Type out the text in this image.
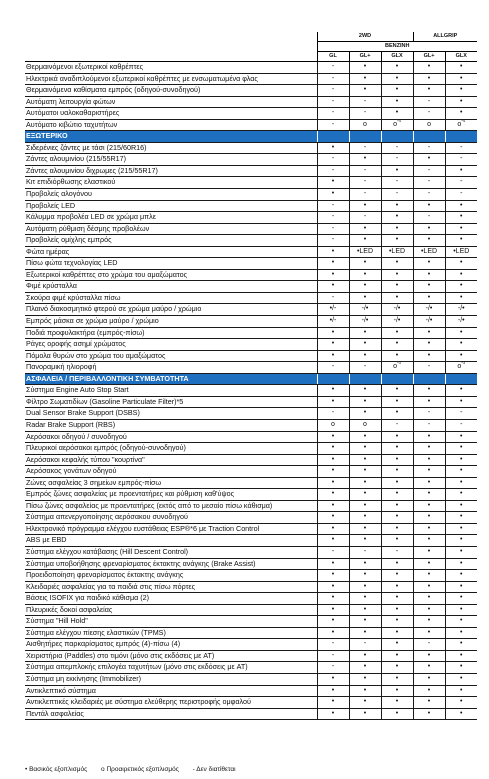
	2WD			ALLGRIP	
	BENZINH				
	GL	GL+	GLX	GL+	GLX
Θερμαινόμενοι εξωτερικοί καθρέπτες	-	•	•	•	•
Ηλεκτρικά αναδιπλούμενοι εξωτερικοί καθρέπτες με ενσωματωμένα φλας	-	•	•	•	•
Θερμαινόμενα καθίσματα εμπρός (οδηγού-συνοδηγού)	-	•	•	•	•
Αυτόματη λειτουργία φώτων	-	-	•	-	•
Αυτόματοι υαλοκαθαριστήρες	-	-	•	-	•
Αυτόματο κιβώτιο ταχυτήτων	-	o	$o^{*4}$	o	$o^{*4}$
ΕΞΩΤΕΡΙΚΟ					
Σιδερένιες ζάντες με τάσι (215/60R16)	•	-	-	-	-
Ζάντες αλουμινίου (215/55R17)	-	•	-	•	-
Ζάντες αλουμινίου διχρωμες (215/55R17)	-	-	•	-	•
Κιτ επιδιόρθωσης ελαστικού	•	-	-	-	-
Προβολείς αλογόνου	•	-	-	-	-
Προβολείς LED	-	•	•	•	•
Κάλυμμα προβολέα LED σε χρώμα μπλε	-	-	•	-	•
Αυτόματη ρύθμιση δέσμης προβολέων	-	•	•	•	•
Προβολείς ομίχλης εμπρός	-	•	•	•	•
Φώτα ημέρας	•	•LED	•LED	•LED	•LED
Πίσω φώτα τεχνολογίας LED	•	•	•	•	•
Εξωτερικοί καθρέπτες στο χρώμα του αμαξώματος	•	•	•	•	•
Φιμέ κρύσταλλα	•	•	•	•	•
Σκούρα φιμέ κρύσταλλα πίσω	-	•	•	•	•
Πλαινό διακοσμητικό φτερού σε χρώμα μαύρο / χρώμιο	•/-	-/•	-/•	-/•	-/•
Εμπρός μάσκα σε χρώμα μαύρο / χρώμιο	•/-	-/•	-/•	-/•	-/•
Ποδιά προφυλακτήρα (εμπρός-πίσω)	•	•	•	•	•
Ράγες οροφής ασημί χρώματος	•	•	•	•	•
Πόμολα θυρών στο χρώμα του αμαξώματος	•	•	•	•	•
Πανοραμική ηλιοροφή	-	-	$o^{*3}$	-	$o^{*3}$
ΑΣΦΑΛΕΙΑ / ΠΕΡΙΒΑΛΛΟΝΤΙΚΗ ΣΥΜΒΑΤΟΤΗΤΑ					
Σύστημα Engine Auto Stop Start	•	•	•	•	•
Φίλτρο Σωματιδίων (Gasoline Particulate Filter)*5	•	•	•	•	•
Dual Sensor Brake Support (DSBS)	-	•	•	-	-
Radar Brake Support (RBS)	o	o	-	-	-
Αερόσακοι οδηγού / συνοδηγού	•	•	•	•	•
Πλευρικοί αερόσακοι εμπρός (οδηγού-συνοδηγού)	•	•	•	•	•
Αερόσακοι κεφαλής τύπου "κουρτίνα"	•	•	•	•	•
Αερόσακος γονάτων οδηγού	•	•	•	•	•
Ζώνες ασφαλείας 3 σημείων εμπρός-πίσω	•	•	•	•	•
Εμπρός ζώνες ασφαλείας με προεντατήρες και ρύθμιση καθ'ύψος	•	•	•	•	•
Πίσω ζώνες ασφαλείας με προεντατήρες (εκτός από το μεσαίο πίσω κάθισμα)	•	•	•	•	•
Σύστημα απενεργοποίησης αερόσακου συνοδηγού	•	•	•	•	•
Ηλεκτρονικό πρόγραμμα ελέγχου ευστάθειας ESP®*6 με Traction Control	•	•	•	•	•
ABS με EBD	•	•	•	•	•
Σύστημα ελέγχου κατάβασης (Hill Descent Control)	-	-	-	•	•
Σύστημα υποβοήθησης φρεναρίσματος έκτακτης ανάγκης (Brake Assist)	•	•	•	•	•
Προειδοποίηση φρεναρίσματος έκτακτης ανάγκης	•	•	•	•	•
Κλειδαριές ασφαλείας για τα παιδιά στις πίσω πόρτες	•	•	•	•	•
Βάσεις ISOFIX για παιδικό κάθισμα (2)	•	•	•	•	•
Πλευρικές δοκοί ασφαλείας	•	•	•	•	•
Σύστημα "Hill Hold"	•	•	•	•	•
Σύστημα ελέγχου πίεσης ελαστικών (TPMS)	•	•	•	•	•
Αισθητήρες παρκαρίσματος εμπρός (4)-πίσω (4)	-	-	•	-	•
Χειριστήρια (Paddles) στο τιμόνι (μόνο στις εκδόσεις με AT)	-	•	•	•	•
Σύστημα απεμπλοκής επιλογέα ταχυτήτων (μόνο στις εκδόσεις με AT)	-	•	•	•	•
Σύστημα μη εκκίνησης (Immobilizer)	•	•	•	•	•
Αντικλεπτικό σύστημα	•	•	•	•	•
Αντικλεπτικές κλειδαριές με σύστημα ελεύθερης περιστροφής ομφαλού	•	•	•	•	•
Πεντάλ ασφαλείας	•	•	•	•	•
• Βασικός εξοπλισμός o Προαιρετικός εξοπλισμός - Δεν διατίθεται
